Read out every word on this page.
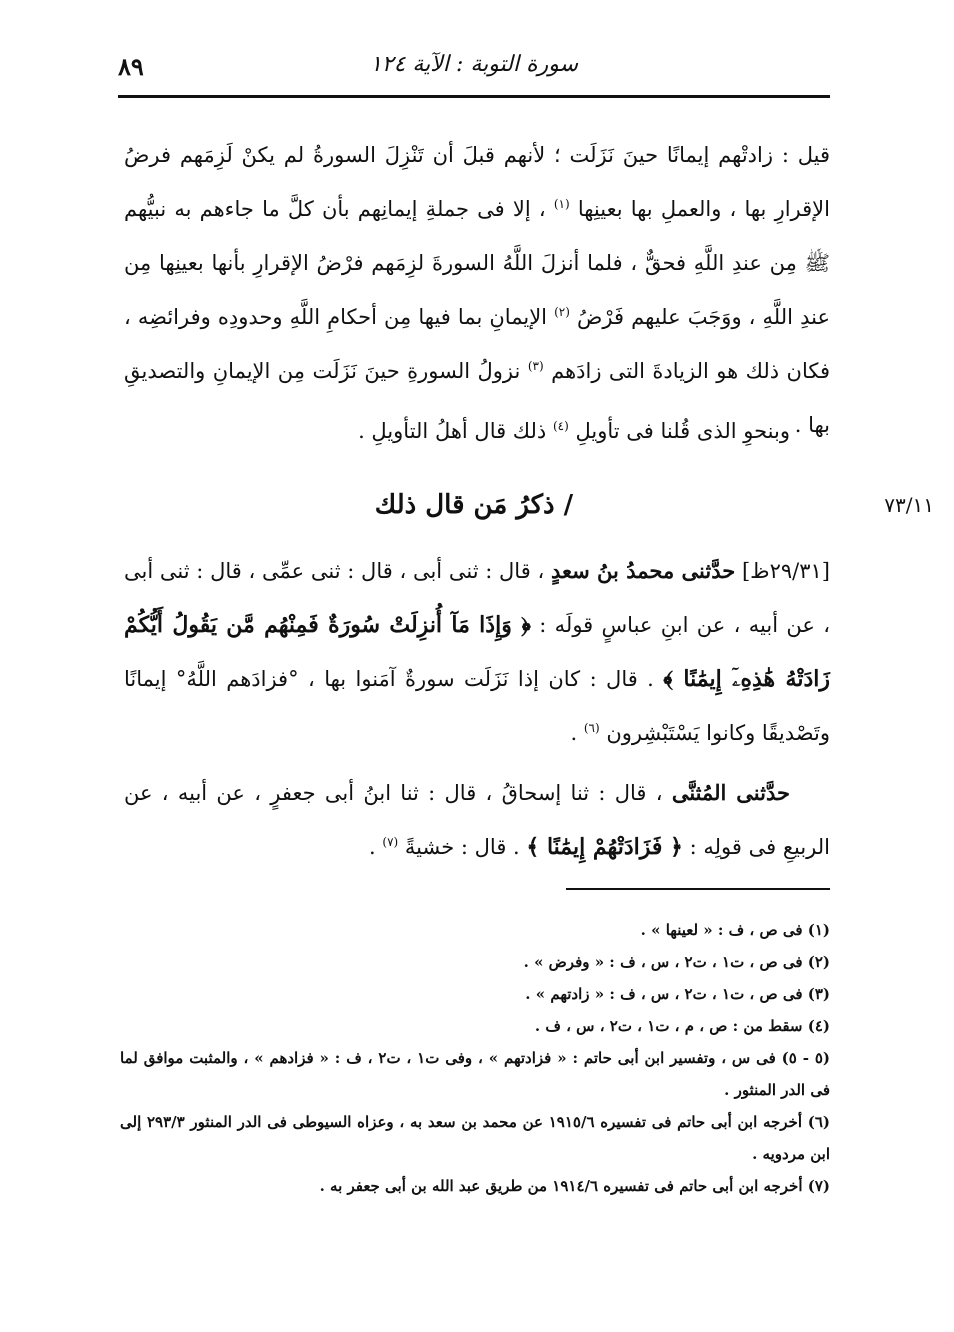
سورة التوبة : الآية ١٢٤
٨٩
قيل : زادتْهم إيمانًا حينَ نَزَلَت ؛ لأنهم قبلَ أن تَنْزِلَ السورةُ لم يكنْ لَزِمَهم فرضُ الإقرارِ بها ، والعملِ بها بعينِها $^{(١)}$ ، إلا فى جملةِ إيمانِهم بأن كلَّ ما جاءهم به نبيُّهم ﷺ مِن عندِ اللَّهِ فحقٌّ ، فلما أنزلَ اللَّهُ السورةَ لزِمَهم فرْضُ الإقرارِ بأنها بعينِها مِن عندِ اللَّهِ ، ووَجَبَ عليهم فَرْضُ $^{(٢)}$ الإيمانِ بما فيها مِن أحكامِ اللَّهِ وحدودِه وفرائضِه ، فكان ذلك هو الزيادةَ التى زادَهم $^{(٣)}$ نزولُ السورةِ حينَ نَزَلَت مِن الإيمانِ والتصديقِ بها .
وبنحوِ الذى قُلنا فى تأويلِ $^{(٤)}$ ذلك قال أهلُ التأويلِ .
/ ذكرُ مَن قال ذلك	٧٣/١١
[٢٩/٣١ظ] حدَّثنى محمدُ بنُ سعدٍ ، قال : ثنى أبى ، قال : ثنى عمِّى ، قال : ثنى أبى ، عن أبيه ، عن ابنِ عباسٍ قولَه : ﴿ وَإِذَا مَآ أُنزِلَتْ سُورَةٌ فَمِنْهُم مَّن يَقُولُ أَيُّكُمْ زَادَتْهُ هَٰذِهِۦٓ إِيمَٰنًا ﴾ . قال : كان إذا نَزَلَت سورةٌ آمَنوا بها ، °فزادَهم اللَّهُ° إيمانًا وتَصْديقًا وكانوا يَسْتَبْشِرون $^{(٦)}$ .
حدَّثنى المُثنَّى ، قال : ثنا إسحاقُ ، قال : ثنا ابنُ أبى جعفرٍ ، عن أبيه ، عن الربيعِ فى قولِه : ﴿ فَزَادَتْهُمْ إِيمَٰنًا ﴾ . قال : خشيةً $^{(٧)}$ .
(١) فى ص ، ف : « لعينها » .
(٢) فى ص ، ت١ ، ت٢ ، س ، ف : « وفرض » .
(٣) فى ص ، ت١ ، ت٢ ، س ، ف : « زادتهم » .
(٤) سقط من : ص ، م ، ت١ ، ت٢ ، س ، ف .
(٥ - ٥) فى س ، وتفسير ابن أبى حاتم : « فزادتهم » ، وفى ت١ ، ت٢ ، ف : « فزادهم » ، والمثبت موافق لما فى الدر المنثور .
(٦) أخرجه ابن أبى حاتم فى تفسيره ١٩١٥/٦ عن محمد بن سعد به ، وعزاه السيوطى فى الدر المنثور ٢٩٣/٣ إلى ابن مردويه .
(٧) أخرجه ابن أبى حاتم فى تفسيره ١٩١٤/٦ من طريق عبد الله بن أبى جعفر به .
